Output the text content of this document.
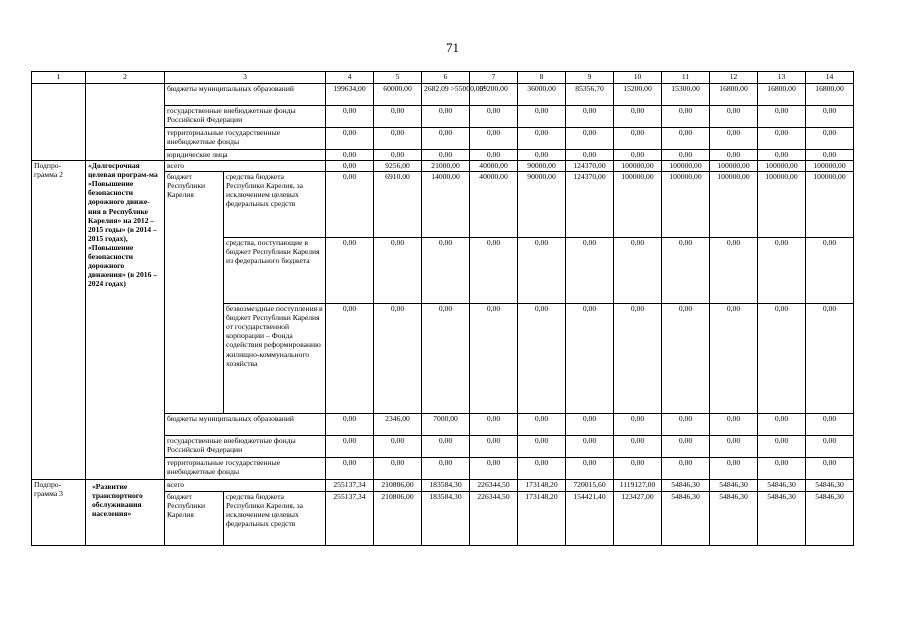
71
1	2	3		4	5	6	7	8	9	10	11	12	13	14
		бюджеты муниципальных образований		199634,00	60000,00	2682,09 >55000,00¹	59200,00	36000,00	85356,70	15200,00	15300,00	16800,00	16800,00	16800,00
		государственные внебюджетные фонды Российской Федерации		0,00	0,00	0,00	0,00	0,00	0,00	0,00	0,00	0,00	0,00	0,00
		территориальные государственные внебюджетные фонды		0,00	0,00	0,00	0,00	0,00	0,00	0,00	0,00	0,00	0,00	0,00
		юридические лица		0,00	0,00	0,00	0,00	0,00	0,00	0,00	0,00	0,00	0,00	0,00
Подпро-грамма 2	«Долгосрочная целевая програм-ма «Повышение безопасности дорожного движе-ния в Республике Карелия» на 2012 – 2015 годы» (в 2014 – 2015 годах), «Повышение безопасности дорожного движения» (в 2016 – 2024 годах)	всего		0,00	9256,00	21000,00	40000,00	90000,00	124370,00	100000,00	100000,00	100000,00	100000,00	100000,00
		бюджет Республики Карелия	средства бюджета Республики Карелия, за исключением целевых федеральных средств	0,00	6910,00	14000,00	40000,00	90000,00	124370,00	100000,00	100000,00	100000,00	100000,00	100000,00
			средства, поступающие в бюджет Республики Карелия из федерального бюджета	0,00	0,00	0,00	0,00	0,00	0,00	0,00	0,00	0,00	0,00	0,00
			безвозмездные поступления в бюджет Республики Карелия от государственной корпорации – Фонда содействия реформированию жилищно-коммунального хозяйства	0,00	0,00	0,00	0,00	0,00	0,00	0,00	0,00	0,00	0,00	0,00
		бюджеты муниципальных образований		0,00	2346,00	7000,00	0,00	0,00	0,00	0,00	0,00	0,00	0,00	0,00
		государственные внебюджетные фонды Российской Федерации		0,00	0,00	0,00	0,00	0,00	0,00	0,00	0,00	0,00	0,00	0,00
		территориальные государственные внебюджетные фонды		0,00	0,00	0,00	0,00	0,00	0,00	0,00	0,00	0,00	0,00	0,00
Подпро-грамма 3	«Развитие транспортного обслуживания населения»	всего		255137,34	210806,00	183584,30	226344,50	173148,20	720015,60	1119127,00	54846,30	54846,30	54846,30	54846,30
		бюджет Республики Карелия	средства бюджета Республики Карелия, за исключением целевых федеральных средств	255137,34	210806,00	183584,30	226344,50	173148,20	154421,40	123427,00	54846,30	54846,30	54846,30	54846,30
